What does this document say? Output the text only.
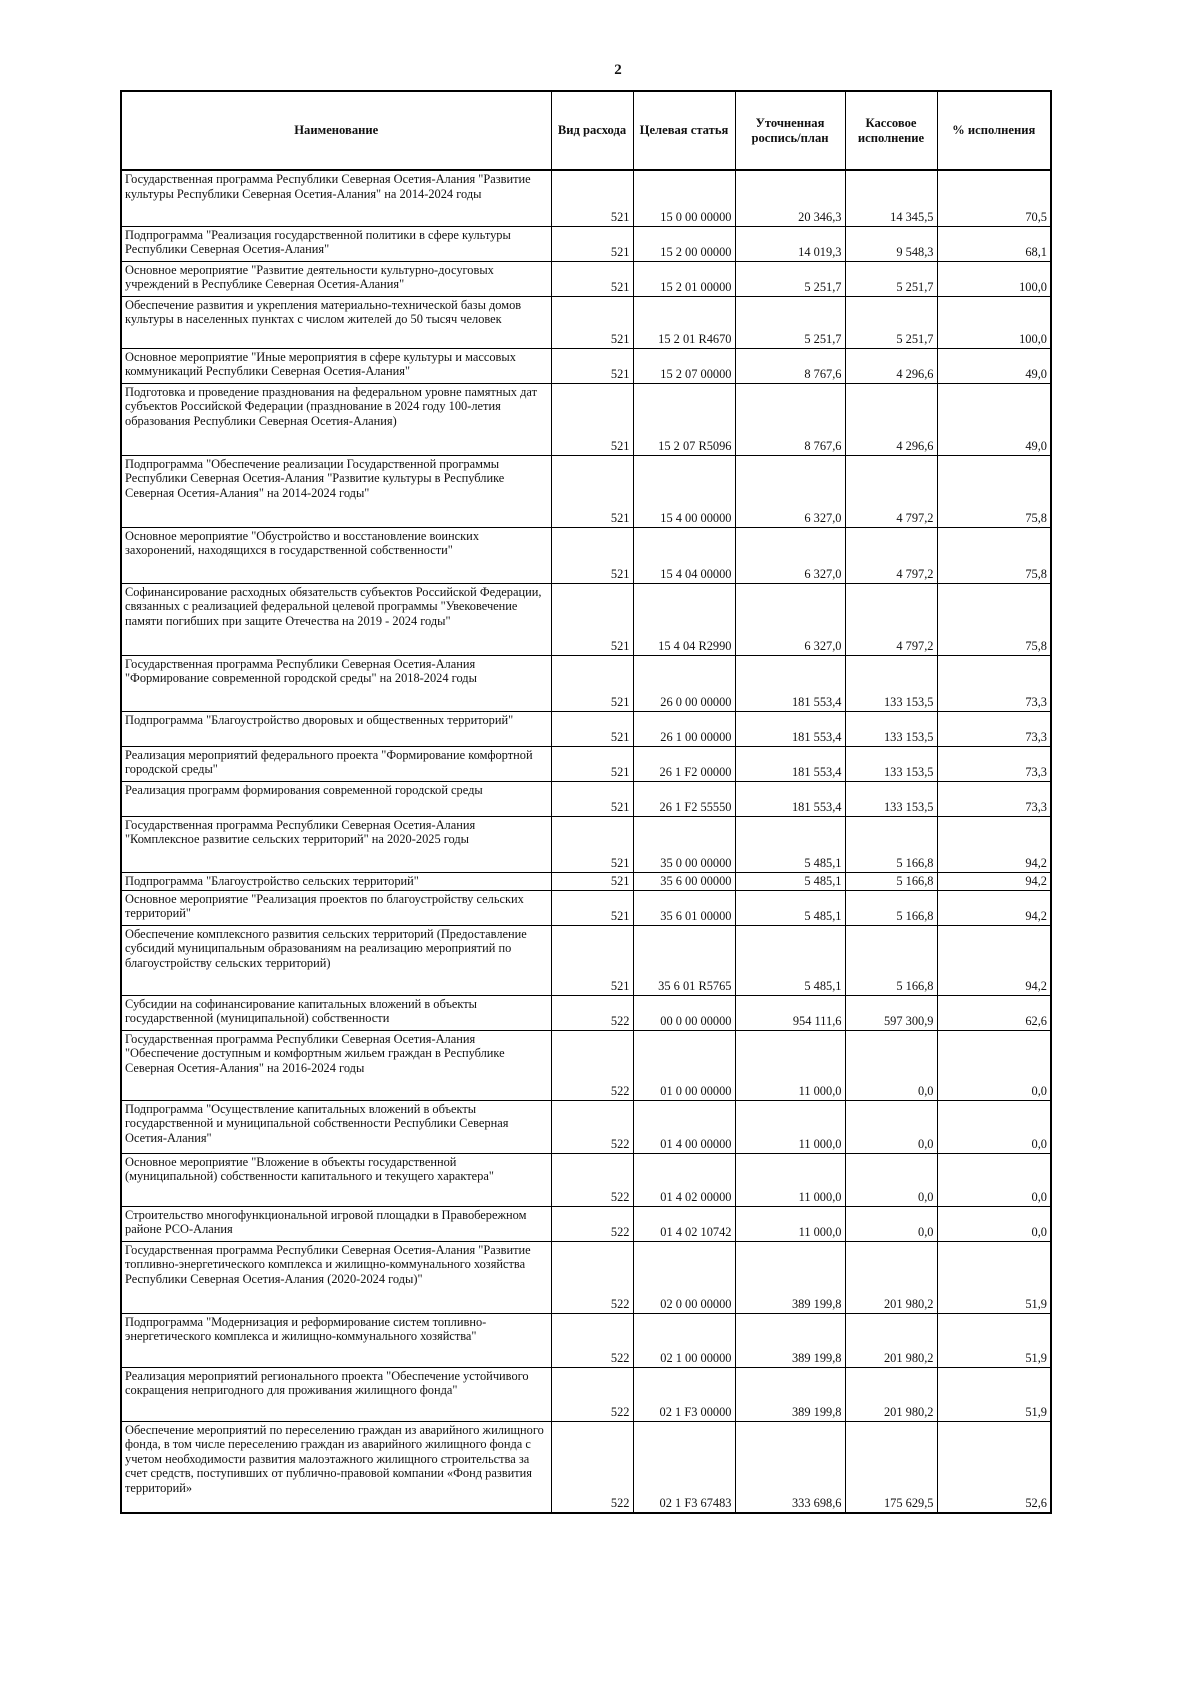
2
Наименование	Вид расхода	Целевая статья	Уточненная роспись/план	Кассовое исполнение	% исполнения
Государственная программа Республики Северная Осетия-Алания "Развитие культуры Республики Северная Осетия-Алания" на 2014-2024 годы	521	15 0 00 00000	20 346,3	14 345,5	70,5
Подпрограмма "Реализация государственной политики в сфере культуры Республики Северная Осетия-Алания"	521	15 2 00 00000	14 019,3	9 548,3	68,1
Основное мероприятие "Развитие деятельности культурно-досуговых учреждений в Республике Северная Осетия-Алания"	521	15 2 01 00000	5 251,7	5 251,7	100,0
Обеспечение развития и укрепления материально-технической базы домов культуры в населенных пунктах с числом жителей до 50 тысяч человек	521	15 2 01 R4670	5 251,7	5 251,7	100,0
Основное мероприятие "Иные мероприятия в сфере культуры и массовых коммуникаций Республики Северная Осетия-Алания"	521	15 2 07 00000	8 767,6	4 296,6	49,0
Подготовка и проведение празднования на федеральном уровне памятных дат субъектов Российской Федерации (празднование в 2024 году 100-летия образования Республики Северная Осетия-Алания)	521	15 2 07 R5096	8 767,6	4 296,6	49,0
Подпрограмма "Обеспечение реализации Государственной программы Республики Северная Осетия-Алания "Развитие культуры в Республике Северная Осетия-Алания" на 2014-2024 годы"	521	15 4 00 00000	6 327,0	4 797,2	75,8
Основное мероприятие "Обустройство и восстановление воинских захоронений, находящихся в государственной собственности"	521	15 4 04 00000	6 327,0	4 797,2	75,8
Софинансирование расходных обязательств субъектов Российской Федерации, связанных с реализацией федеральной целевой программы "Увековечение памяти погибших при защите Отечества на 2019 - 2024 годы"	521	15 4 04 R2990	6 327,0	4 797,2	75,8
Государственная программа Республики Северная Осетия-Алания "Формирование современной городской среды" на 2018-2024 годы	521	26 0 00 00000	181 553,4	133 153,5	73,3
Подпрограмма "Благоустройство дворовых и общественных территорий"	521	26 1 00 00000	181 553,4	133 153,5	73,3
Реализация мероприятий федерального проекта "Формирование комфортной городской среды"	521	26 1 F2 00000	181 553,4	133 153,5	73,3
Реализация программ формирования современной городской среды	521	26 1 F2 55550	181 553,4	133 153,5	73,3
Государственная программа Республики Северная Осетия-Алания "Комплексное развитие сельских территорий" на 2020-2025 годы	521	35 0 00 00000	5 485,1	5 166,8	94,2
Подпрограмма "Благоустройство сельских территорий"	521	35 6 00 00000	5 485,1	5 166,8	94,2
Основное мероприятие "Реализация проектов по благоустройству сельских территорий"	521	35 6 01 00000	5 485,1	5 166,8	94,2
Обеспечение комплексного развития сельских территорий (Предоставление субсидий муниципальным образованиям на реализацию мероприятий по благоустройству сельских территорий)	521	35 6 01 R5765	5 485,1	5 166,8	94,2
Субсидии на софинансирование капитальных вложений в объекты государственной (муниципальной) собственности	522	00 0 00 00000	954 111,6	597 300,9	62,6
Государственная программа Республики Северная Осетия-Алания "Обеспечение доступным и комфортным жильем граждан в Республике Северная Осетия-Алания" на 2016-2024 годы	522	01 0 00 00000	11 000,0	0,0	0,0
Подпрограмма "Осуществление капитальных вложений в объекты государственной и муниципальной собственности Республики Северная Осетия-Алания"	522	01 4 00 00000	11 000,0	0,0	0,0
Основное мероприятие "Вложение в объекты государственной (муниципальной) собственности капитального и текущего характера"	522	01 4 02 00000	11 000,0	0,0	0,0
Строительство многофункциональной игровой площадки в Правобережном районе РСО-Алания	522	01 4 02 10742	11 000,0	0,0	0,0
Государственная программа Республики Северная Осетия-Алания "Развитие топливно-энергетического комплекса и жилищно-коммунального хозяйства Республики Северная Осетия-Алания (2020-2024 годы)"	522	02 0 00 00000	389 199,8	201 980,2	51,9
Подпрограмма "Модернизация и реформирование систем топливно-энергетического комплекса и жилищно-коммунального хозяйства"	522	02 1 00 00000	389 199,8	201 980,2	51,9
Реализация мероприятий регионального проекта "Обеспечение устойчивого сокращения непригодного для проживания жилищного фонда"	522	02 1 F3 00000	389 199,8	201 980,2	51,9
Обеспечение мероприятий по переселению граждан из аварийного жилищного фонда, в том числе переселению граждан из аварийного жилищного фонда с учетом необходимости развития малоэтажного жилищного строительства за счет средств, поступивших от публично-правовой компании «Фонд развития территорий»	522	02 1 F3 67483	333 698,6	175 629,5	52,6
